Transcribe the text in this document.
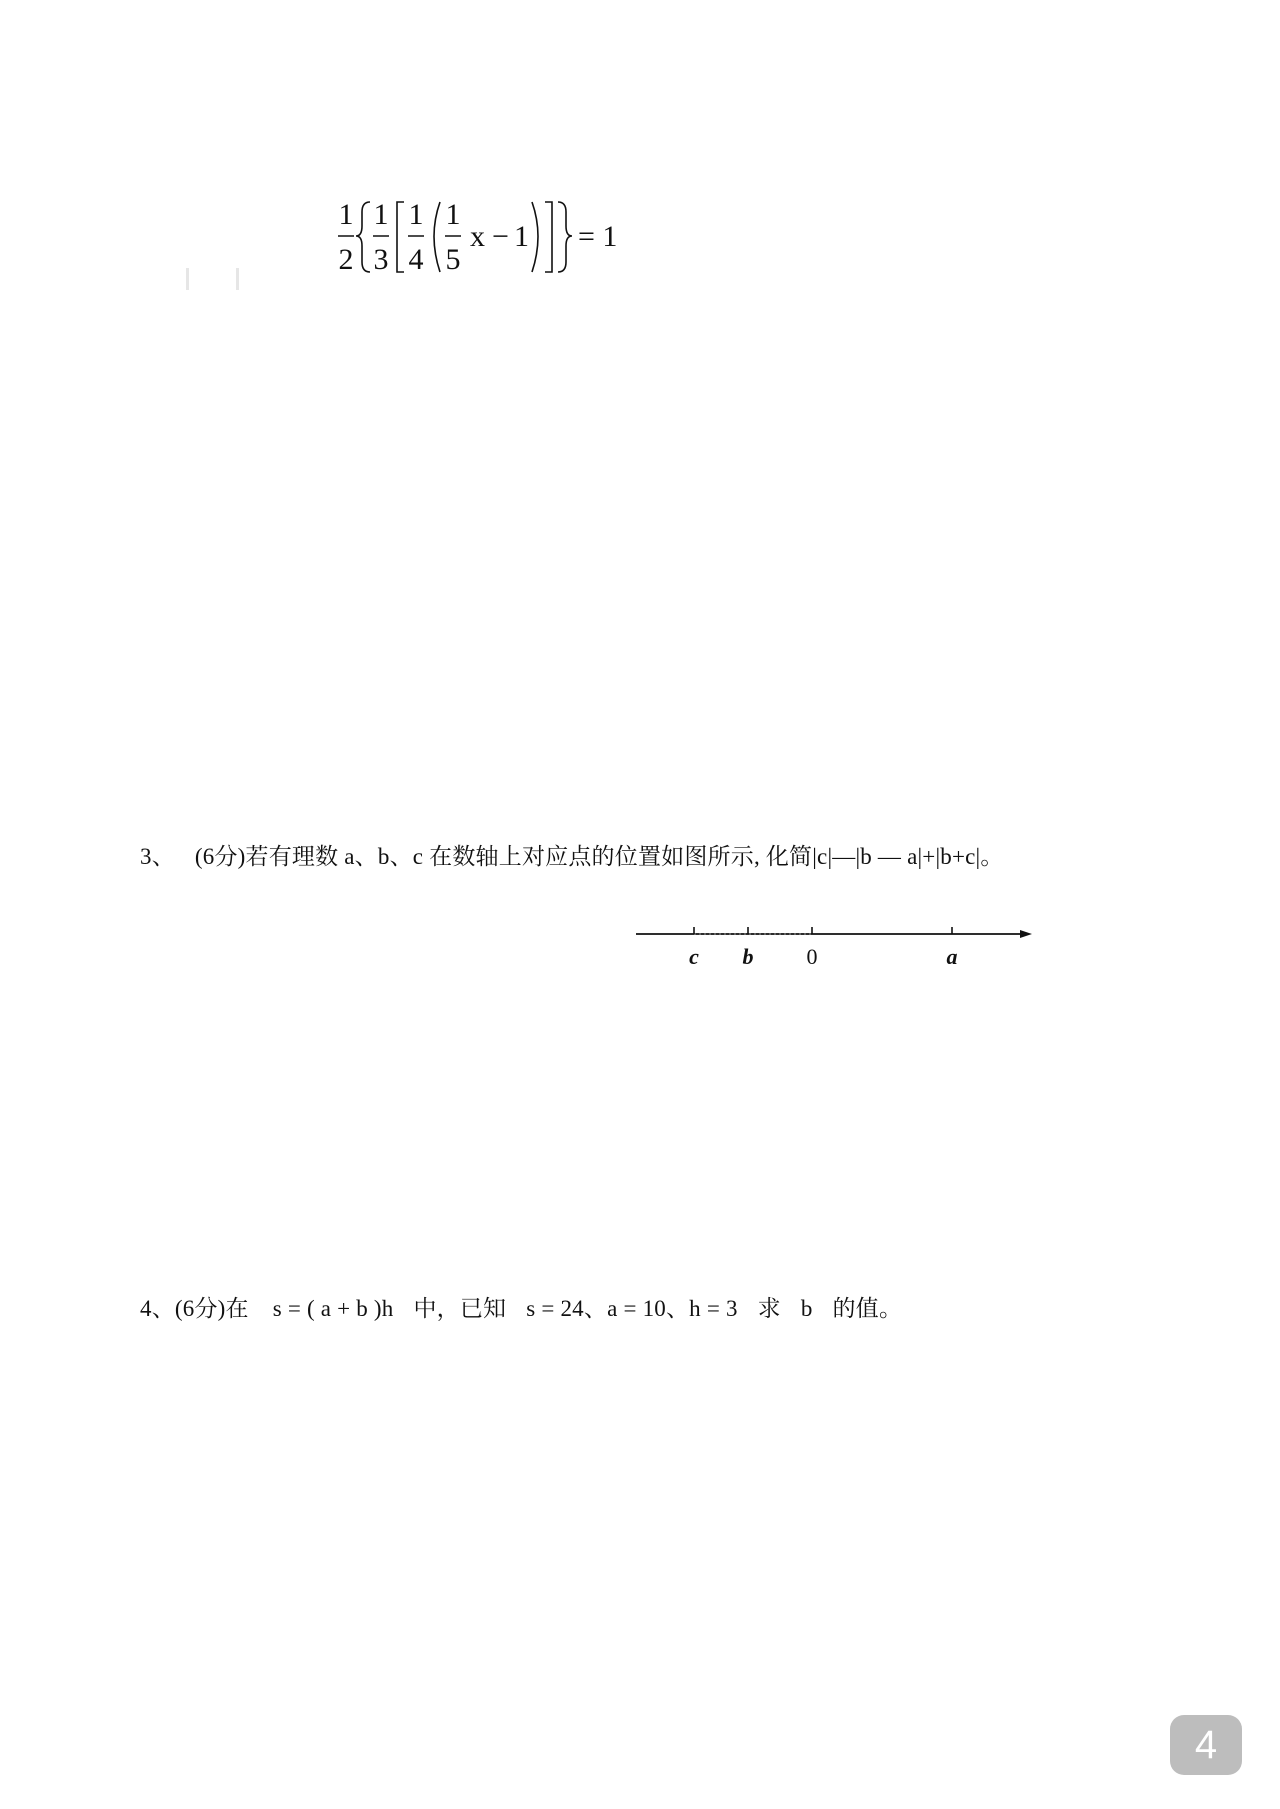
1
2
1
3
1
4
1
5
x − 1 = 1
3、 (6分)若有理数 a、b、c 在数轴上对应点的位置如图所示, 化简|c|—|b — a|+|b+c|。
c b 0	a
4、(6分)在 s = ( a + b )h 中，已知 s = 24、a = 10、h = 3 求 b 的值。
4
